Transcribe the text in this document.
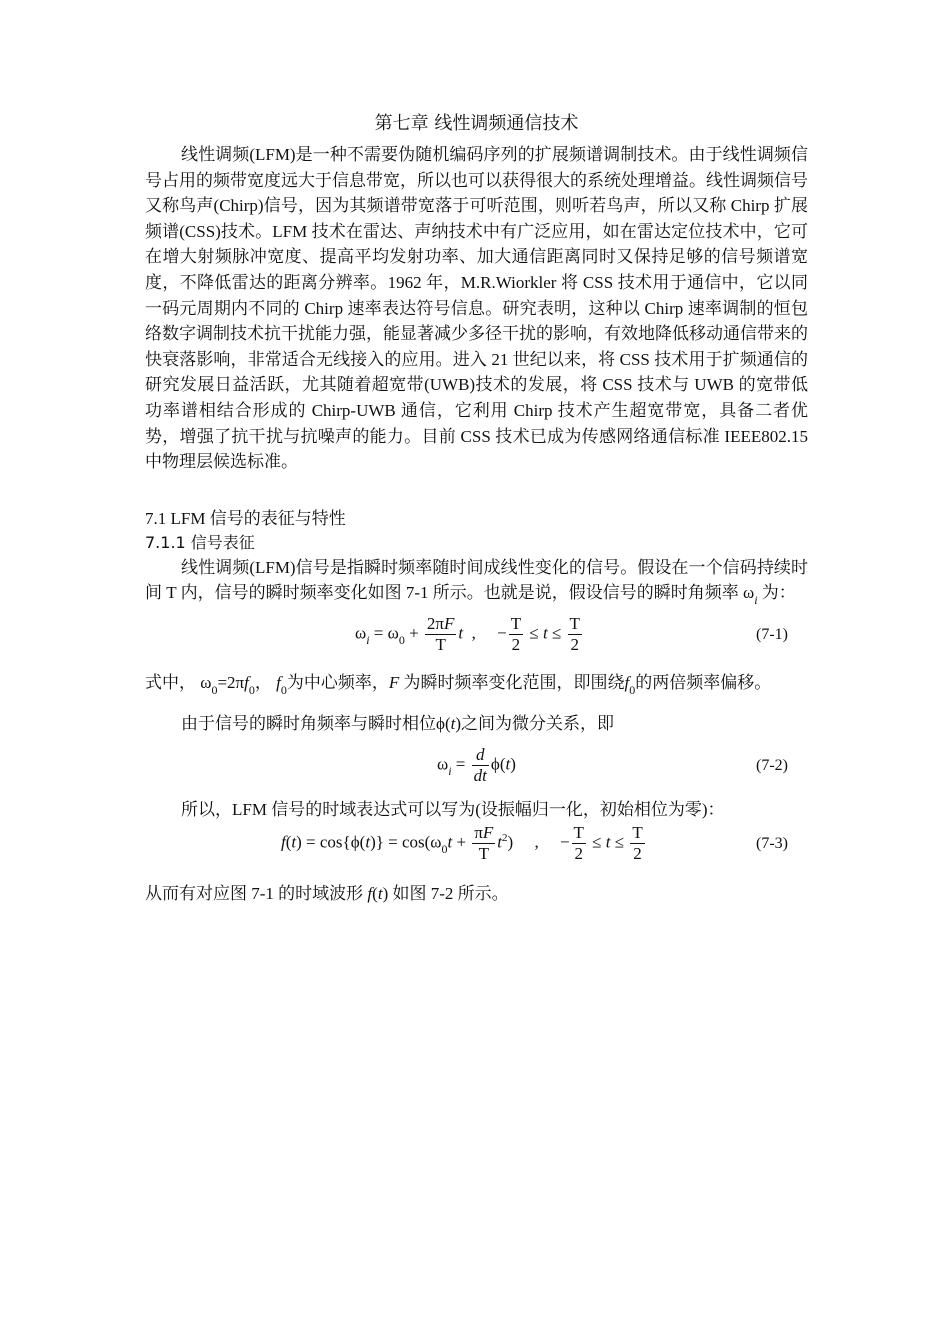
第七章 线性调频通信技术

线性调频(LFM)是一种不需要伪随机编码序列的扩展频谱调制技术。由于线性调频信号占用的频带宽度远大于信息带宽，所以也可以获得很大的系统处理增益。线性调频信号又称鸟声(Chirp)信号，因为其频谱带宽落于可听范围，则听若鸟声，所以又称 Chirp 扩展频谱(CSS)技术。LFM 技术在雷达、声纳技术中有广泛应用，如在雷达定位技术中，它可在增大射频脉冲宽度、提高平均发射功率、加大通信距离同时又保持足够的信号频谱宽度，不降低雷达的距离分辨率。1962 年，M.R.Wiorkler 将 CSS 技术用于通信中，它以同一码元周期内不同的 Chirp 速率表达符号信息。研究表明，这种以 Chirp 速率调制的恒包络数字调制技术抗干扰能力强，能显著减少多径干扰的影响，有效地降低移动通信带来的快衰落影响，非常适合无线接入的应用。进入 21 世纪以来，将 CSS 技术用于扩频通信的研究发展日益活跃，尤其随着超宽带(UWB)技术的发展，将 CSS 技术与 UWB 的宽带低功率谱相结合形成的 Chirp-UWB 通信，它利用 Chirp 技术产生超宽带宽，具备二者优势，增强了抗干扰与抗噪声的能力。目前 CSS 技术已成为传感网络通信标准 IEEE802.15 中物理层候选标准。

7.1 LFM 信号的表征与特性
7.1.1 信号表征

线性调频(LFM)信号是指瞬时频率随时间成线性变化的信号。假设在一个信码持续时间 T 内，信号的瞬时频率变化如图 7-1 所示。也就是说，假设信号的瞬时角频率 $\omega_i$ 为：

$\omega_i = \omega_0 + \frac{2\pi F}{T}$ t  ,     − $\frac{T}{2} \le t \le \frac{T}{2}$	(7-1)

式中， $\omega_0=2\pi f_0$， $f_0$为中心频率，F 为瞬时频率变化范围，即围绕$f_0$的两倍频率偏移。

由于信号的瞬时角频率与瞬时相位ϕ(t)之间为微分关系，即

$\omega_i = \frac{d}{dt} \phi(t)$	(7-2)

所以，LFM 信号的时域表达式可以写为(设振幅归一化，初始相位为零)：

$f(t) = \cos\{\phi(t)\} = \cos(\omega_0t + \frac{\pi F}{T} t^2)$     ,     − $\frac{T}{2} \le t \le \frac{T}{2}$	(7-3)

从而有对应图 7-1 的时域波形 f(t) 如图 7-2 所示。
